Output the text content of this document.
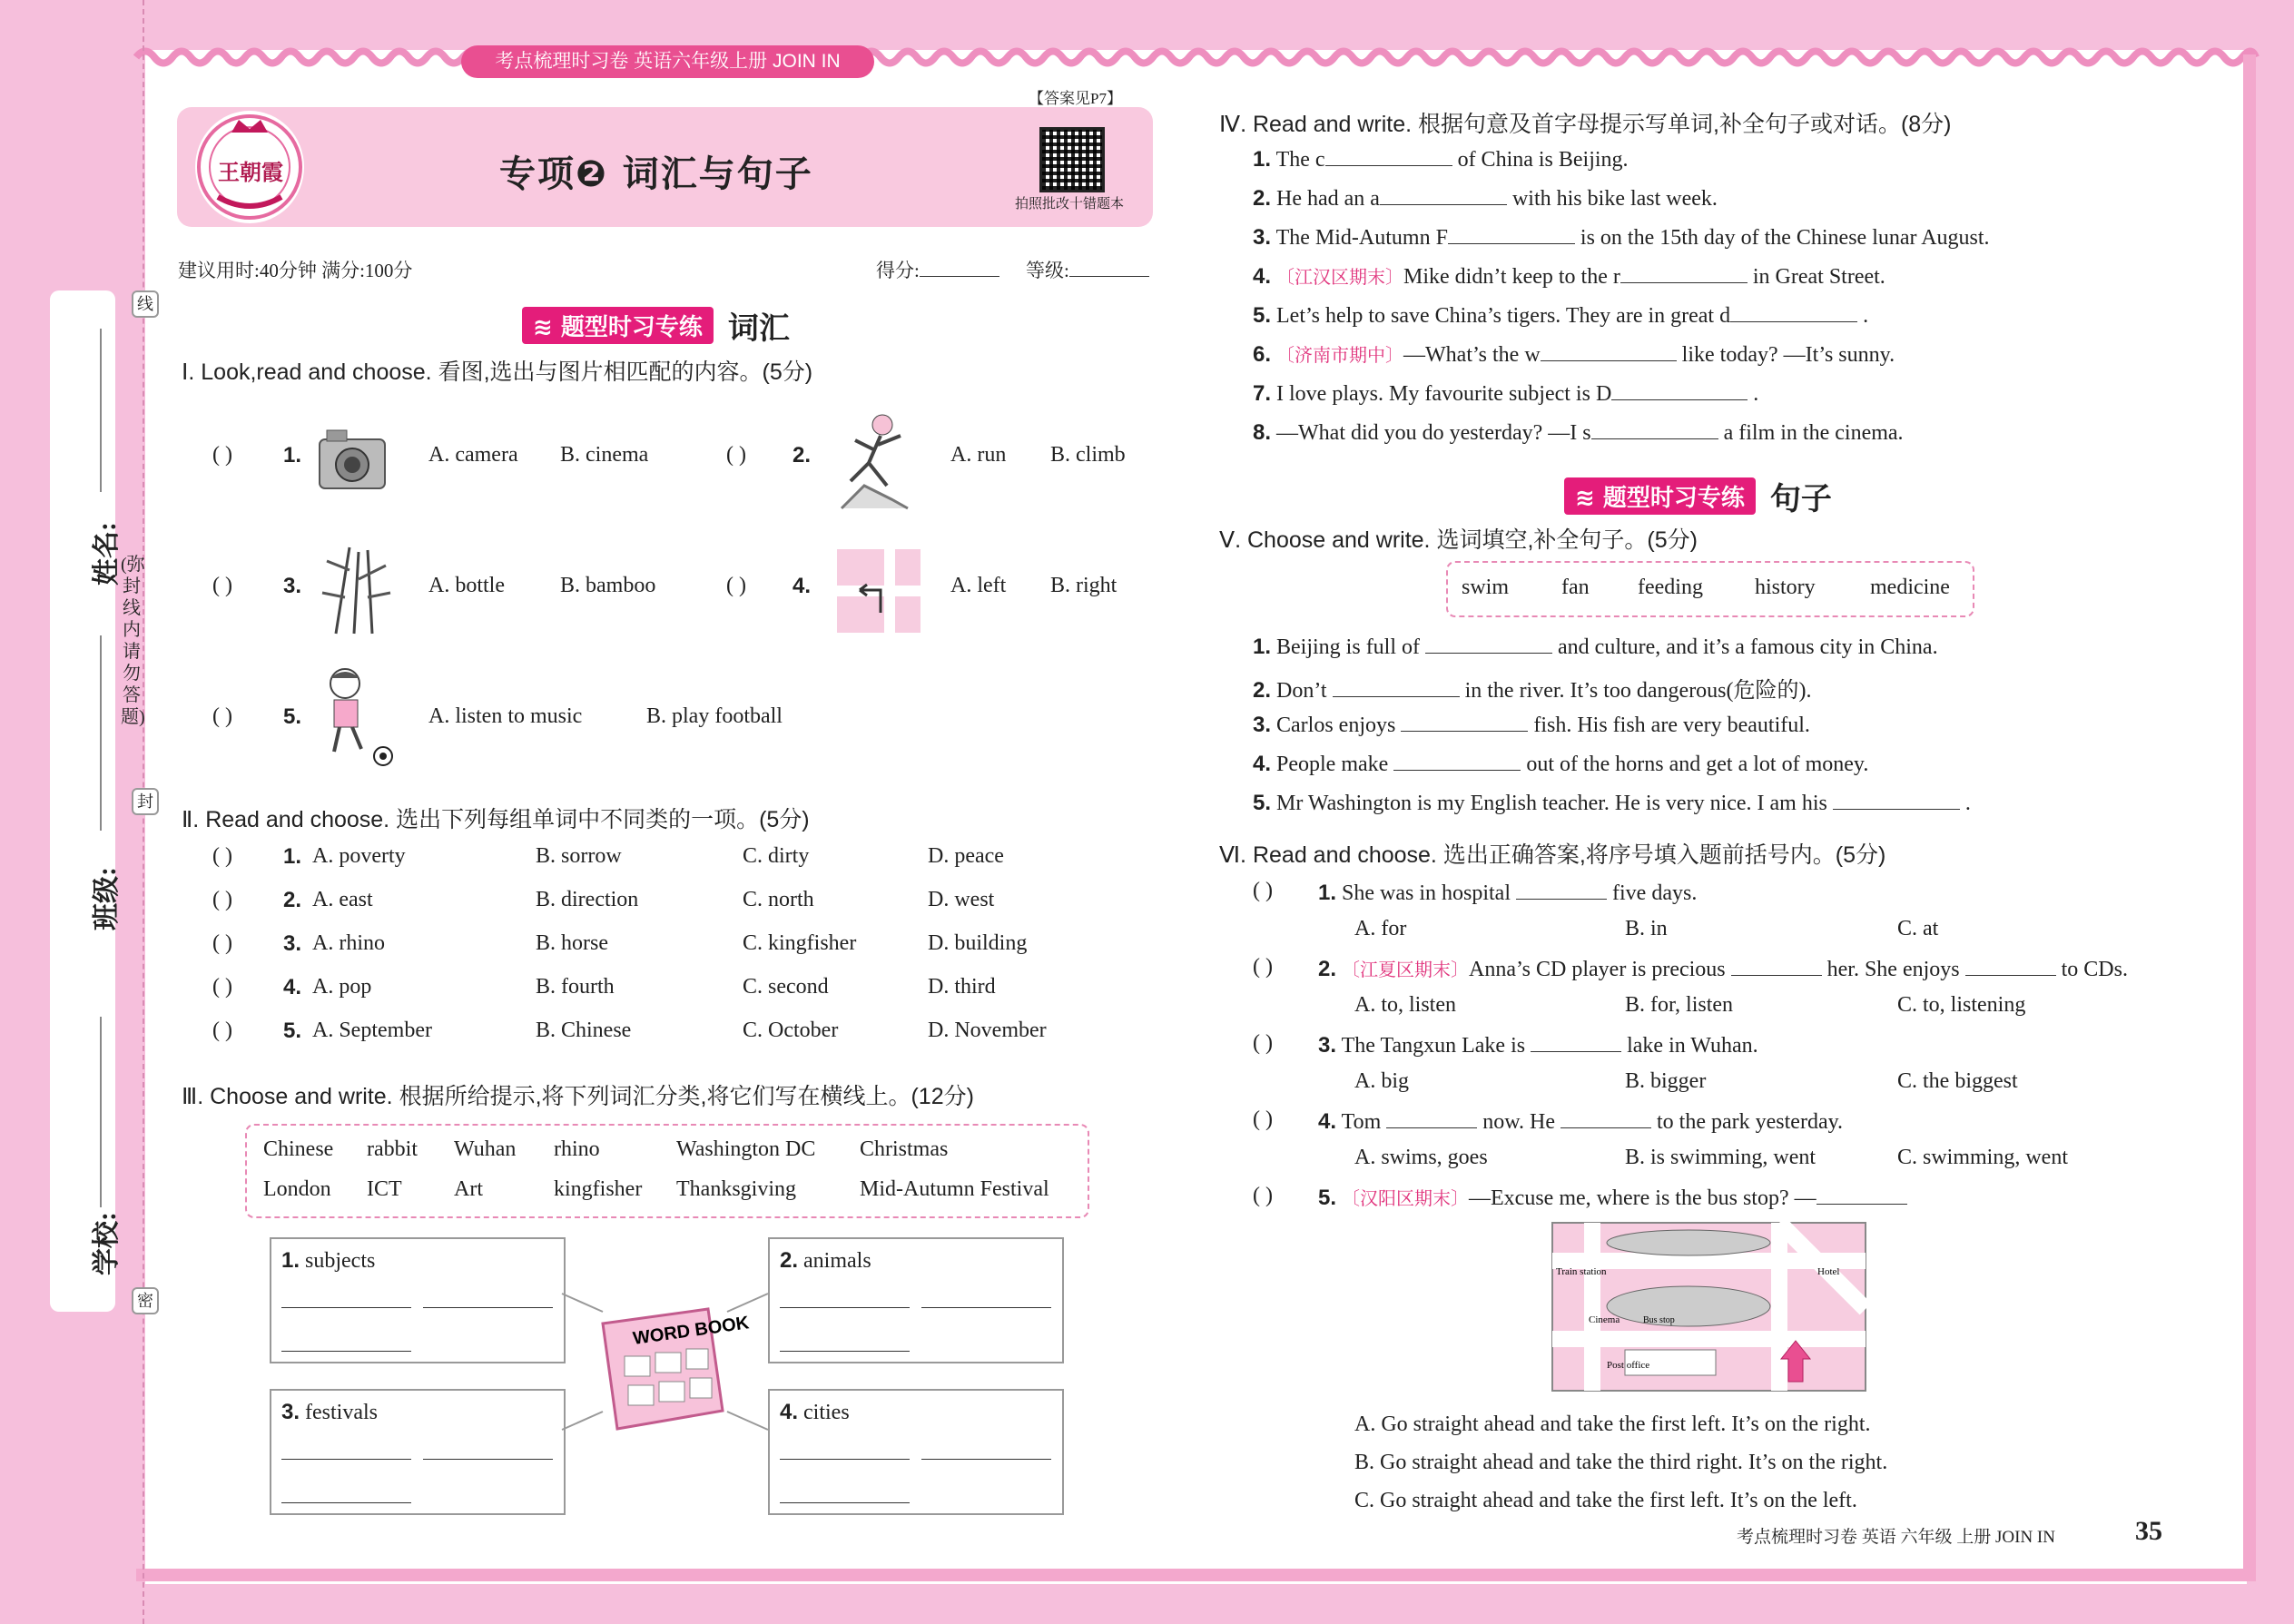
姓名:
班级:
学校:
线
封
密
(弥封线内请勿答题)
考点梳理时习卷 英语六年级上册 JOIN IN
【答案见P7】
王朝霞	专项❷ 词汇与句子
拍照批改十错题本
建议用时:40分钟 满分:100分	得分:	等级:
≋ 题型时习专练 词汇
Ⅰ. Look,read and choose. 看图,选出与图片相匹配的内容。(5分)
( ) 1.	A. camera B. cinema	( ) 2.	A. run B. climb
( ) 3.	A. bottle	B. bamboo	( ) 4.	A. left B. right
( ) 5.	A. listen to music	B. play football
Ⅱ. Read and choose. 选出下列每组单词中不同类的一项。(5分)
( ) 1. A. poverty	B. sorrow	C. dirty	D. peace
( ) 2. A. east	B. direction	C. north	D. west
( ) 3. A. rhino	B. horse	C. kingfisher	D. building
( ) 4. A. pop	B. fourth	C. second	D. third
( ) 5. A. September	B. Chinese	C. October	D. November
Ⅲ. Choose and write. 根据所给提示,将下列词汇分类,将它们写在横线上。(12分)
Chinese rabbit Wuhan rhino	Washington DC Christmas
London ICT Art	kingfisher Thanksgiving	Mid-Autumn Festival
1. subjects	2. animals
3. festivals	4. cities
WORD BOOK
Ⅳ. Read and write. 根据句意及首字母提示写单词,补全句子或对话。(8分)
1. The c	of China is Beijing.
2. He had an a	with his bike last week.
3. The Mid-Autumn F	is on the 15th day of the Chinese lunar August.
4. 〔江汉区期末〕Mike didn’t keep to the r	in Great Street.
5. Let’s help to save China’s tigers. They are in great d	.
6. 〔济南市期中〕—What’s the w	like today? —It’s sunny.
7. I love plays. My favourite subject is D	.
8. —What did you do yesterday? —I s	a film in the cinema.
≋ 题型时习专练 句子
Ⅴ. Choose and write. 选词填空,补全句子。(5分)
swim fan feeding history	medicine
1. Beijing is full of	and culture, and it’s a famous city in China.
2. Don’t	in the river. It’s too dangerous(危险的).
3. Carlos enjoys	fish. His fish are very beautiful.
4. People make	out of the horns and get a lot of money.
5. Mr Washington is my English teacher. He is very nice. I am his	.
Ⅵ. Read and choose. 选出正确答案,将序号填入题前括号内。(5分)
( ) 1. She was in hospital	five days.
A. for	B. in	C. at
( ) 2. 〔江夏区期末〕Anna’s CD player is precious	her. She enjoys	to CDs.
A. to, listen	B. for, listen	C. to, listening
( ) 3. The Tangxun Lake is	lake in Wuhan.
A. big	B. bigger	C. the biggest
( ) 4. Tom	now. He	to the park yesterday.
A. swims, goes	B. is swimming, went	C. swimming, went
( ) 5. 〔汉阳区期末〕—Excuse me, where is the bus stop? —
A. Go straight ahead and take the first left. It’s on the right.
B. Go straight ahead and take the third right. It’s on the right.
C. Go straight ahead and take the first left. It’s on the left.
Train station	Hotel
Cinema	Bus stop
Post office
考点梳理时习卷 英语 六年级 上册 JOIN IN	35
